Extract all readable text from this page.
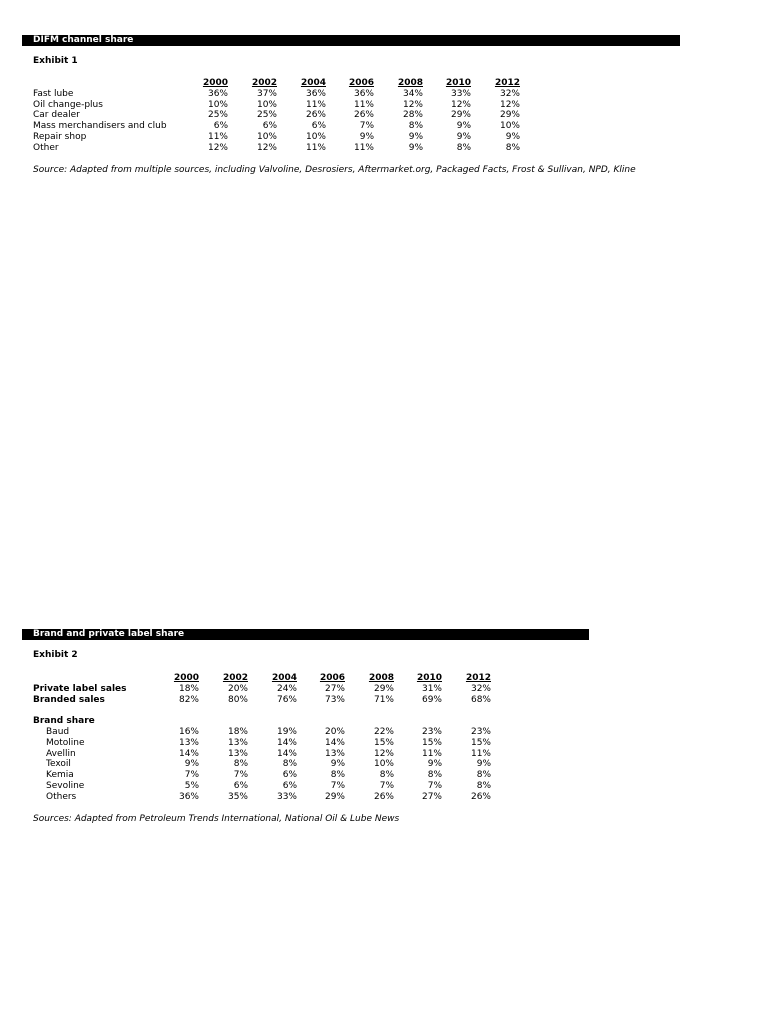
DIFM channel share
Exhibit 1
	2000	2002	2004	2006	2008	2010	2012
Fast lube	36%	37%	36%	36%	34%	33%	32%
Oil change-plus	10%	10%	11%	11%	12%	12%	12%
Car dealer	25%	25%	26%	26%	28%	29%	29%
Mass merchandisers and club	6%	6%	6%	7%	8%	9%	10%
Repair shop	11%	10%	10%	9%	9%	9%	9%
Other	12%	12%	11%	11%	9%	8%	8%
Source: Adapted from multiple sources, including Valvoline, Desrosiers, Aftermarket.org, Packaged Facts, Frost & Sullivan, NPD, Kline
Brand and private label share
Exhibit 2
	2000	2002	2004	2006	2008	2010	2012
Private label sales	18%	20%	24%	27%	29%	31%	32%
Branded sales	82%	80%	76%	73%	71%	69%	68%

Brand share							
Baud	16%	18%	19%	20%	22%	23%	23%
Motoline	13%	13%	14%	14%	15%	15%	15%
Avellin	14%	13%	14%	13%	12%	11%	11%
Texoil	9%	8%	8%	9%	10%	9%	9%
Kemia	7%	7%	6%	8%	8%	8%	8%
Sevoline	5%	6%	6%	7%	7%	7%	8%
Others	36%	35%	33%	29%	26%	27%	26%
Sources: Adapted from Petroleum Trends International, National Oil & Lube News
